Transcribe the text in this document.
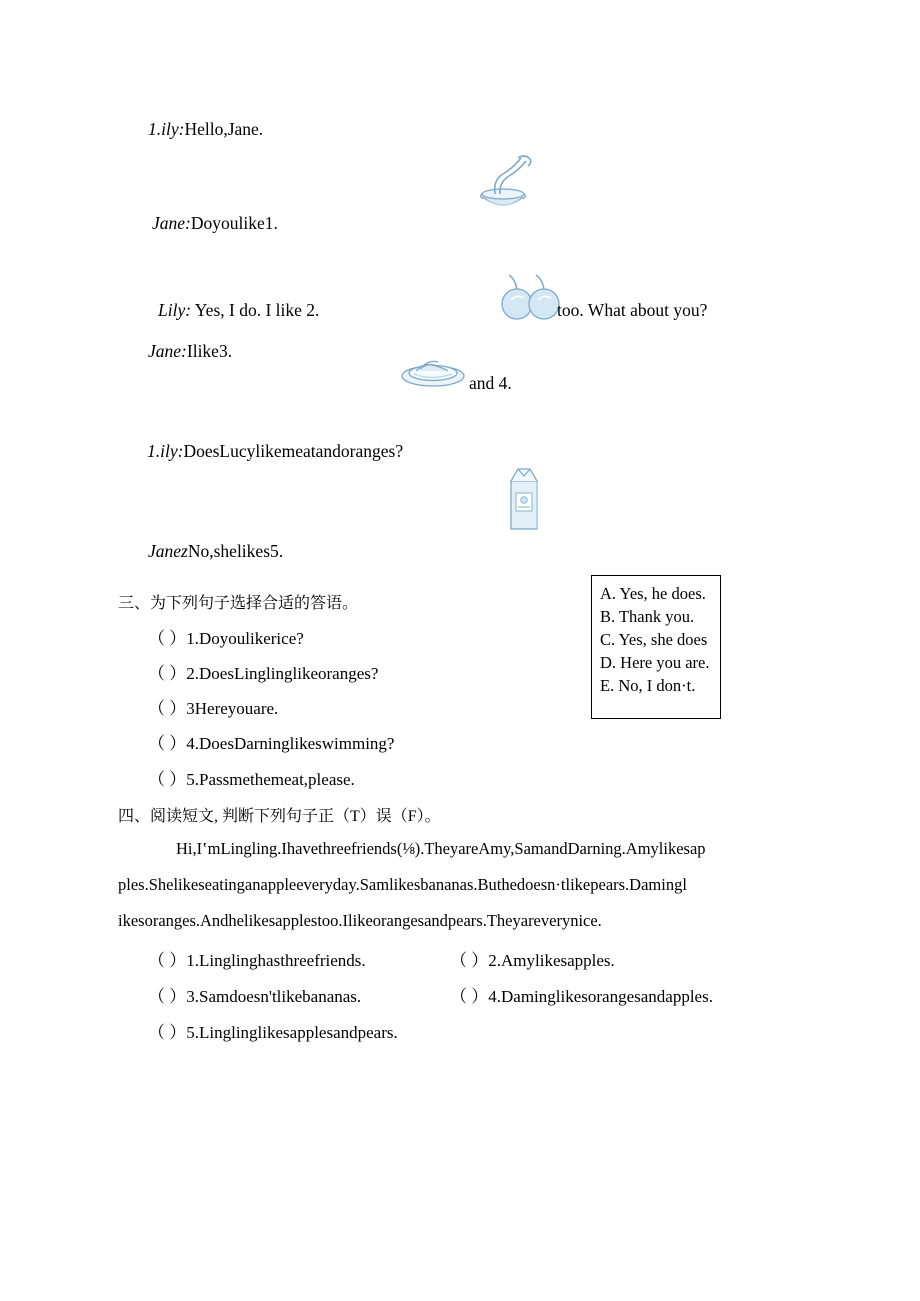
1.ily:Hello,Jane.
Jane:Doyoulike1.
Lily: Yes, I do. I like 2.	too. What about you?
Jane:Ilike3.
and 4.
1.ily:DoesLucylikemeatandoranges?
JanezNo,shelikes5.
三、为下列句子选择合适的答语。
（ ）1.Doyoulikerice?
（ ）2.DoesLinglinglikeoranges?
（ ）3Hereyouare.
（ ）4.DoesDarninglikeswimming?
（ ）5.Passmethemeat,please.
A. Yes, he does.
B. Thank you.
C. Yes, she does
D. Here you are.
E. No, I don·t.
四、阅读短文, 判断下列句子正（T）误（F）。
Hi,I‛mLingling.Ihavethreefriends(⅛).TheyareAmy,SamandDarning.Amylikesap
ples.Shelikeseatinganappleeveryday.Samlikesbananas.Buthedoesn·tlikepears.Damingl
ikesoranges.Andhelikesapplestoo.Ilikeorangesandpears.Theyareverynice.
（ ）1.Linglinghasthreefriends.	（ ）2.Amylikesapples.
（ ）3.Samdoesn'tlikebananas.	（ ）4.Daminglikesorangesandapples.
（ ）5.Linglinglikesapplesandpears.
